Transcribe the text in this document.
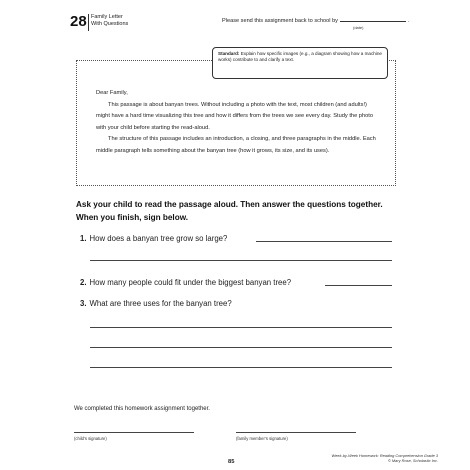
28 Family Letter
With Questions	Please send this assignment back to school by	.
(date)
Standard: Explain how specific images (e.g., a diagram showing how a machine works) contribute to and clarify a text.

Dear Family,

This passage is about banyan trees. Without including a photo with the text, most children (and adults!) might have a hard time visualizing this tree and how it differs from the trees we see every day. Study the photo with your child before starting the read-aloud.

The structure of this passage includes an introduction, a closing, and three paragraphs in the middle. Each middle paragraph tells something about the banyan tree (how it grows, its size, and its uses).

Ask your child to read the passage aloud. Then answer the questions together. When you finish, sign below.
1. How does a banyan tree grow so large?
2. How many people could fit under the biggest banyan tree?
3. What are three uses for the banyan tree?
We completed this homework assignment together.
(child’s signature)	(family member’s signature)
85
Week-by-Week Homework: Reading Comprehension Grade 3
© Mary Rose, Scholastic Inc.
